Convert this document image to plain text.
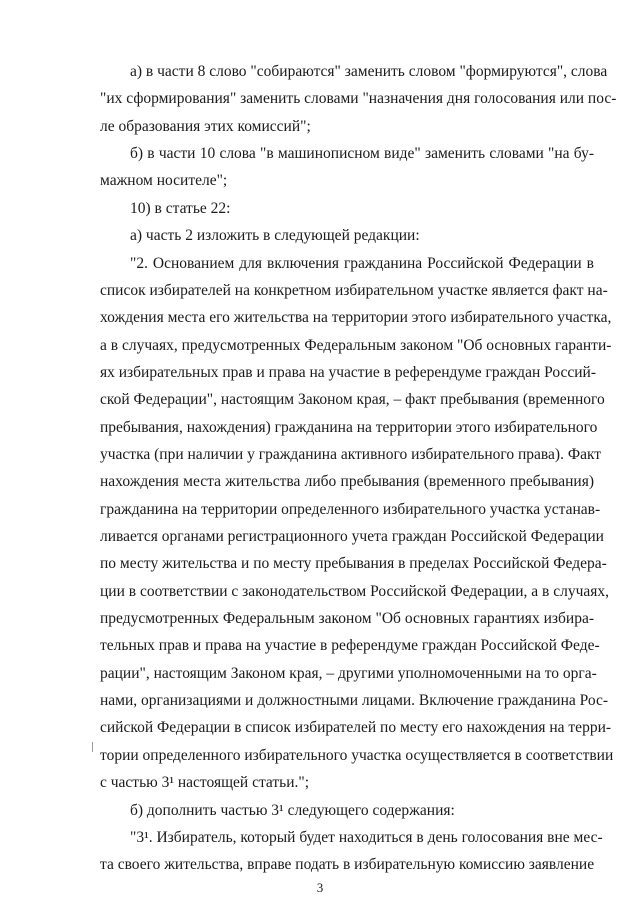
а) в части 8 слово "собираются" заменить словом "формируются", слова
"их сформирования" заменить словами "назначения дня голосования или пос-
ле образования этих комиссий";
б) в части 10 слова "в машинописном виде" заменить словами "на бу-
мажном носителе";
10) в статье 22:
а) часть 2 изложить в следующей редакции:
"2. Основанием для включения гражданина Российской Федерации в
список избирателей на конкретном избирательном участке является факт на-
хождения места его жительства на территории этого избирательного участка,
а в случаях, предусмотренных Федеральным законом "Об основных гаранти-
ях избирательных прав и права на участие в референдуме граждан Россий-
ской Федерации", настоящим Законом края, – факт пребывания (временного
пребывания, нахождения) гражданина на территории этого избирательного
участка (при наличии у гражданина активного избирательного права). Факт
нахождения места жительства либо пребывания (временного пребывания)
гражданина на территории определенного избирательного участка устанав-
ливается органами регистрационного учета граждан Российской Федерации
по месту жительства и по месту пребывания в пределах Российской Федера-
ции в соответствии с законодательством Российской Федерации, а в случаях,
предусмотренных Федеральным законом "Об основных гарантиях избира-
тельных прав и права на участие в референдуме граждан Российской Феде-
рации", настоящим Законом края, – другими уполномоченными на то орга-
нами, организациями и должностными лицами. Включение гражданина Рос-
сийской Федерации в список избирателей по месту его нахождения на терри-
тории определенного избирательного участка осуществляется в соответствии
с частью 3¹ настоящей статьи.";
б) дополнить частью 3¹ следующего содержания:
"3¹. Избиратель, который будет находиться в день голосования вне мес-
та своего жительства, вправе подать в избирательную комиссию заявление
3
